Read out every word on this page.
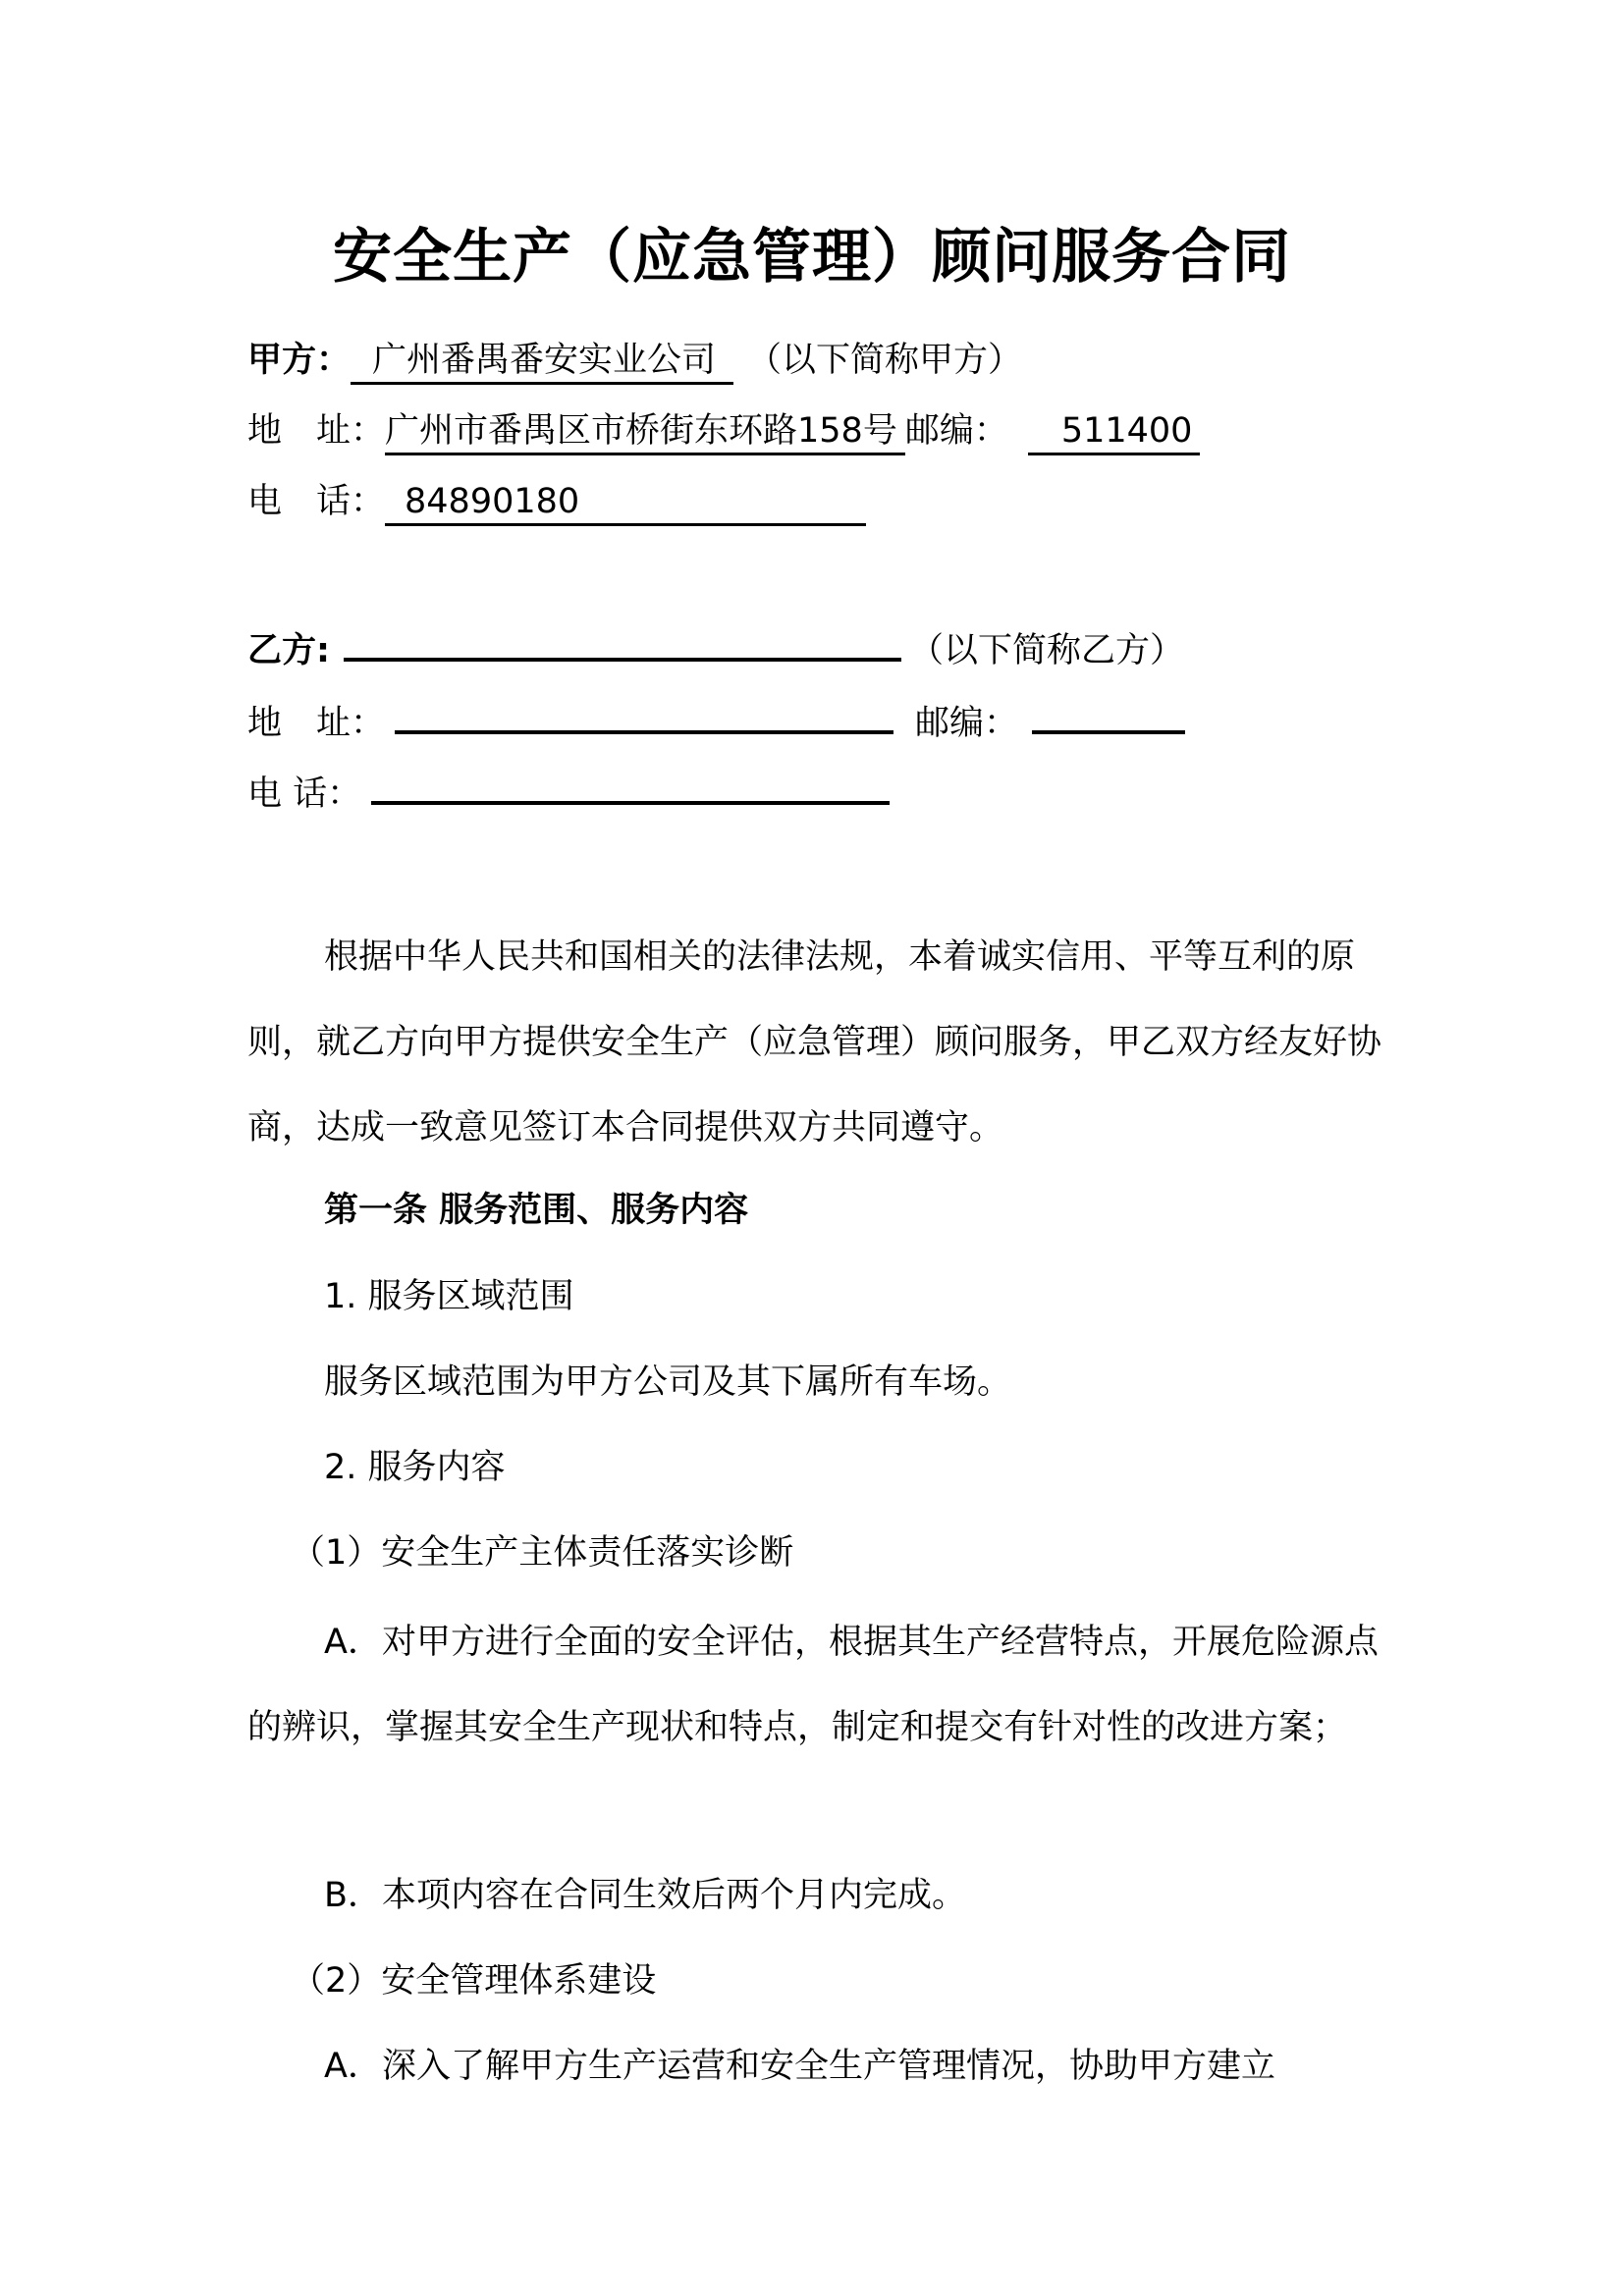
安全生产（应急管理）顾问服务合同
甲方： 广州番禺番安实业公司 （以下简称甲方）
地　址：广州市番禺区市桥街东环路158号 邮编： 511400
电　话： 84890180
乙方:	（以下简称乙方）
地　址：	邮编：
电 话：
根据中华人民共和国相关的法律法规，本着诚实信用、平等互利的原则，就乙方向甲方提供安全生产（应急管理）顾问服务，甲乙双方经友好协商，达成一致意见签订本合同提供双方共同遵守。
第一条 服务范围、服务内容
1. 服务区域范围
服务区域范围为甲方公司及其下属所有车场。
2. 服务内容
（1）安全生产主体责任落实诊断
A．对甲方进行全面的安全评估，根据其生产经营特点，开展危险源点的辨识，掌握其安全生产现状和特点，制定和提交有针对性的改进方案；
B．本项内容在合同生效后两个月内完成。
（2）安全管理体系建设
A．深入了解甲方生产运营和安全生产管理情况，协助甲方建立
